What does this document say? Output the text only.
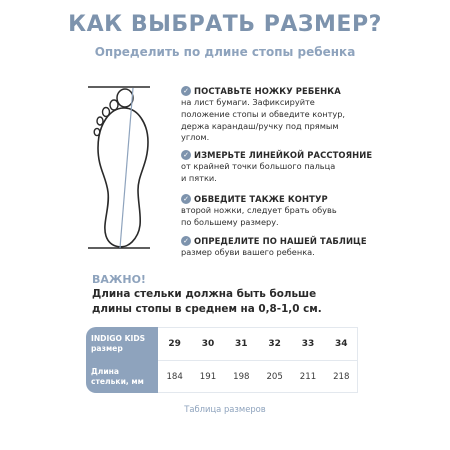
КАК ВЫБРАТЬ РАЗМЕР?
Определить по длине стопы ребенка
✓ ПОСТАВЬТЕ НОЖКУ РЕБЕНКА
на лист бумаги. Зафиксируйте
положение стопы и обведите контур,
держа карандаш/ручку под прямым
углом.
✓ ИЗМЕРЬТЕ ЛИНЕЙКОЙ РАССТОЯНИЕ
от крайней точки большого пальца
и пятки.
✓ ОБВЕДИТЕ ТАКЖЕ КОНТУР
второй ножки, следует брать обувь
по большему размеру.
✓ ОПРЕДЕЛИТЕ ПО НАШЕЙ ТАБЛИЦЕ
размер обуви вашего ребенка.
ВАЖНО!
Длина стельки должна быть больше
длины стопы в среднем на 0,8-1,0 см.
INDIGO KIDS
размер
Длина
стельки, мм
29	30	31	32	33	34
184	191	198	205	211	218
Таблица размеров
